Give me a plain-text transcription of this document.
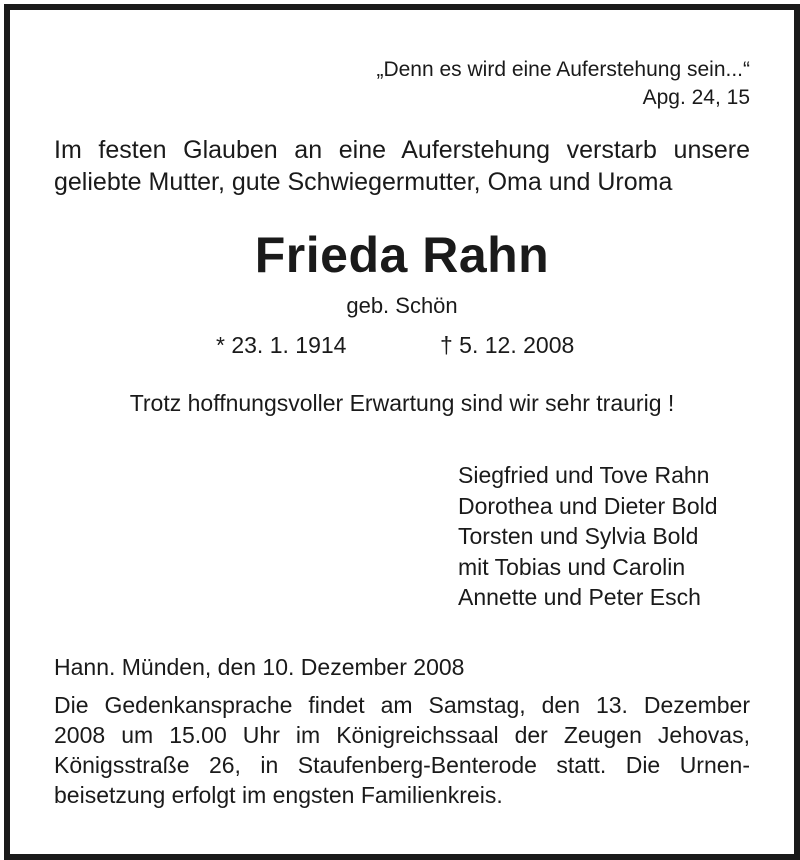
„Denn es wird eine Auferstehung sein...“
Apg. 24, 15
Im festen Glauben an eine Auferstehung verstarb unsere
geliebte Mutter, gute Schwiegermutter, Oma und Uroma
Frieda Rahn
geb. Schön
* 23. 1. 1914	† 5. 12. 2008
Trotz hoffnungsvoller Erwartung sind wir sehr traurig !
Siegfried und Tove Rahn
Dorothea und Dieter Bold
Torsten und Sylvia Bold
mit Tobias und Carolin
Annette und Peter Esch
Hann. Münden, den 10. Dezember 2008
Die Gedenkansprache findet am Samstag, den 13. Dezember
2008 um 15.00 Uhr im Königreichssaal der Zeugen Jehovas,
Königsstraße 26, in Staufenberg-Benterode statt. Die Urnen-
beisetzung erfolgt im engsten Familienkreis.
